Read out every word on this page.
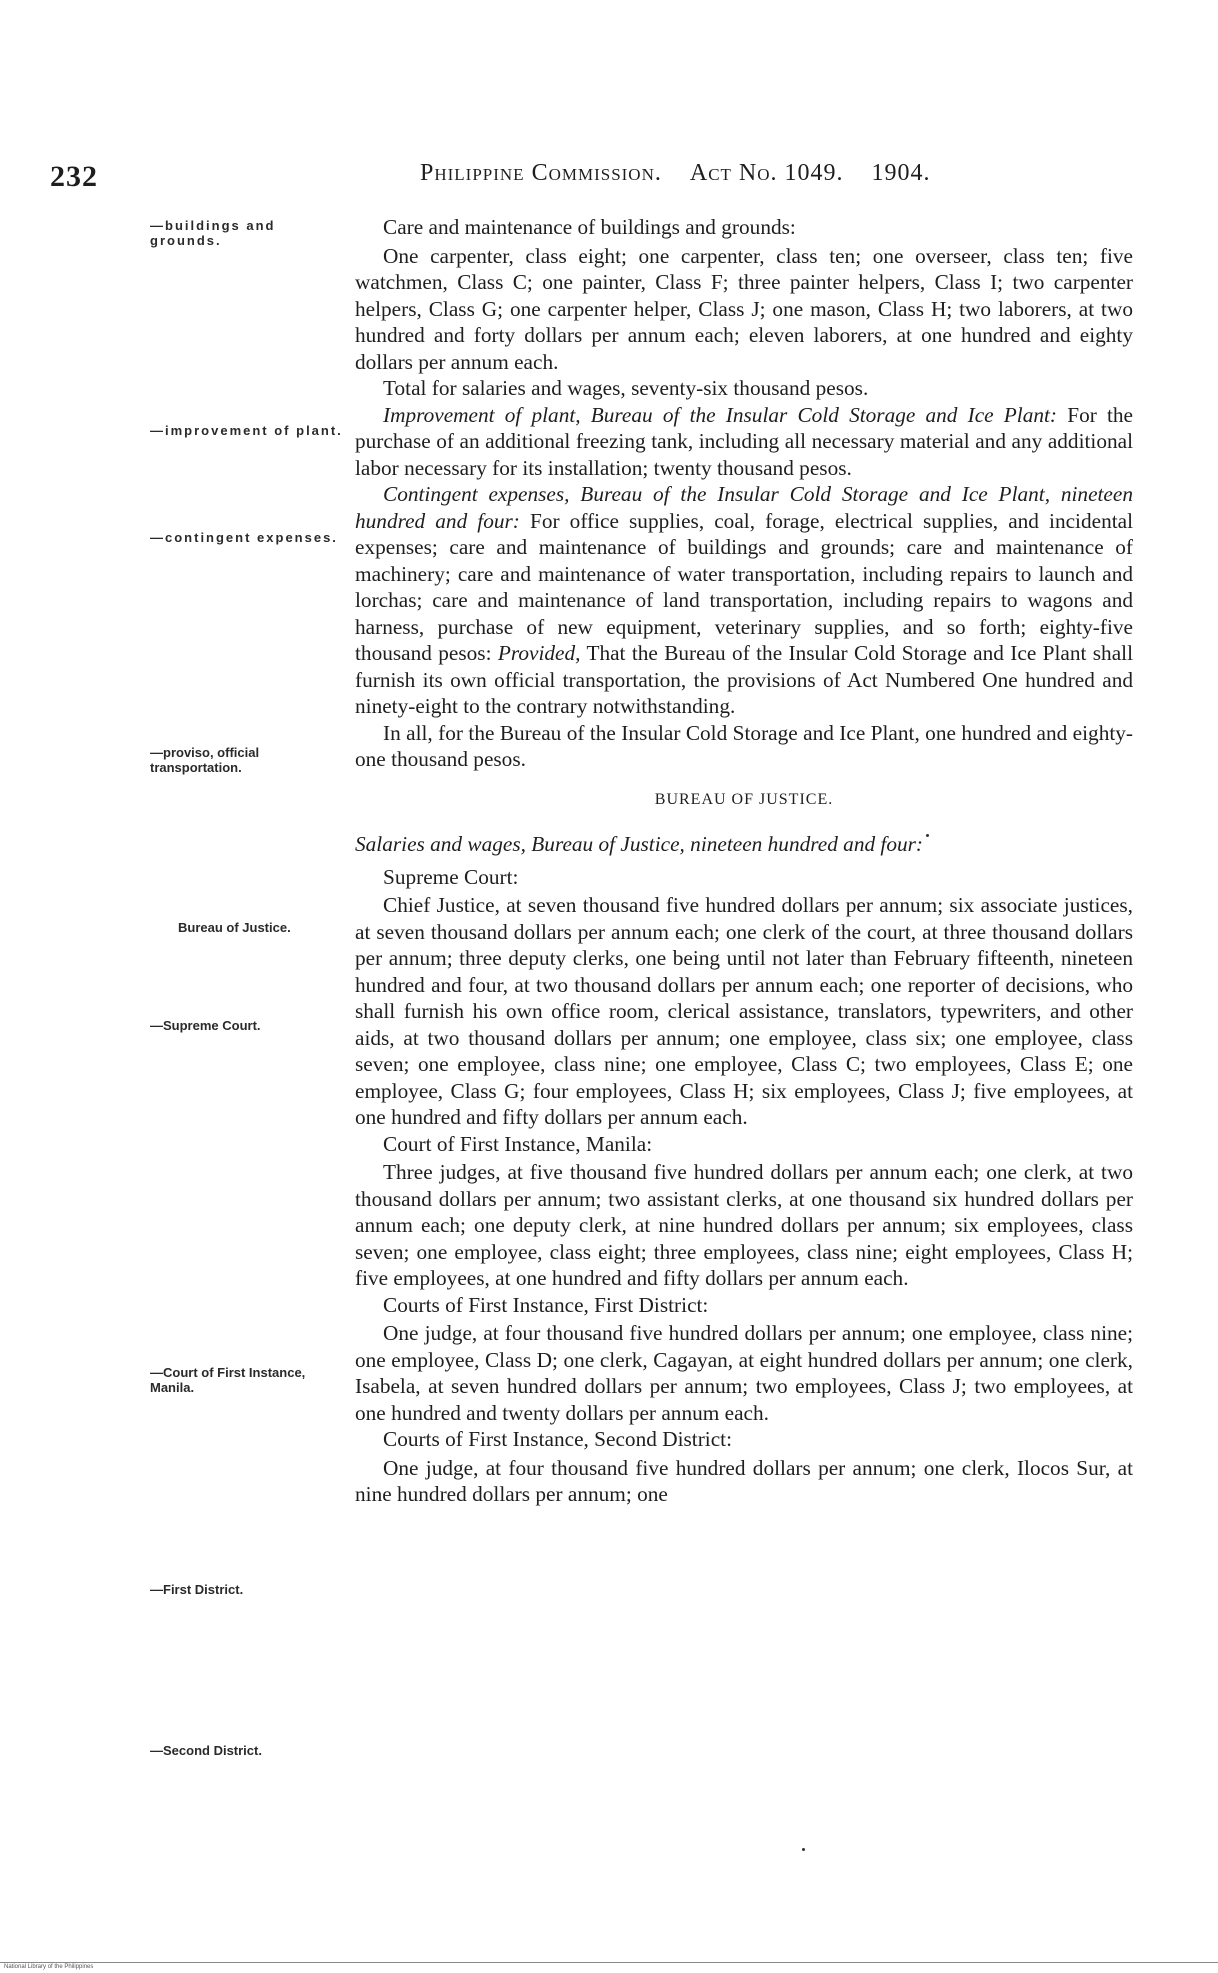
232	Philippine Commission. Act No. 1049. 1904.
—buildings and grounds.
—improvement of plant.
—contingent expenses.
—proviso, official transportation.
Bureau of Justice.
—Supreme Court.
—Court of First Instance, Manila.
—First District.
—Second District.

Care and maintenance of buildings and grounds:

One carpenter, class eight; one carpenter, class ten; one overseer, class ten; five watchmen, Class C; one painter, Class F; three painter helpers, Class I; two carpenter helpers, Class G; one carpenter helper, Class J; one mason, Class H; two laborers, at two hundred and forty dollars per annum each; eleven laborers, at one hundred and eighty dollars per annum each.

Total for salaries and wages, seventy-six thousand pesos.

Improvement of plant, Bureau of the Insular Cold Storage and Ice Plant: For the purchase of an additional freezing tank, including all necessary material and any additional labor necessary for its installation; twenty thousand pesos.

Contingent expenses, Bureau of the Insular Cold Storage and Ice Plant, nineteen hundred and four: For office supplies, coal, forage, electrical supplies, and incidental expenses; care and maintenance of buildings and grounds; care and maintenance of machinery; care and maintenance of water transportation, including repairs to launch and lorchas; care and maintenance of land transportation, including repairs to wagons and harness, purchase of new equipment, veterinary supplies, and so forth; eighty-five thousand pesos: Provided, That the Bureau of the Insular Cold Storage and Ice Plant shall furnish its own official transportation, the provisions of Act Numbered One hundred and ninety-eight to the contrary notwithstanding.

In all, for the Bureau of the Insular Cold Storage and Ice Plant, one hundred and eighty-one thousand pesos.

BUREAU OF JUSTICE.

Salaries and wages, Bureau of Justice, nineteen hundred and four:

Supreme Court:

Chief Justice, at seven thousand five hundred dollars per annum; six associate justices, at seven thousand dollars per annum each; one clerk of the court, at three thousand dollars per annum; three deputy clerks, one being until not later than February fifteenth, nineteen hundred and four, at two thousand dollars per annum each; one reporter of decisions, who shall furnish his own office room, clerical assistance, translators, typewriters, and other aids, at two thousand dollars per annum; one employee, class six; one employee, class seven; one employee, class nine; one employee, Class C; two employees, Class E; one employee, Class G; four employees, Class H; six employees, Class J; five employees, at one hundred and fifty dollars per annum each.

Court of First Instance, Manila:

Three judges, at five thousand five hundred dollars per annum each; one clerk, at two thousand dollars per annum; two assistant clerks, at one thousand six hundred dollars per annum each; one deputy clerk, at nine hundred dollars per annum; six employees, class seven; one employee, class eight; three employees, class nine; eight employees, Class H; five employees, at one hundred and fifty dollars per annum each.

Courts of First Instance, First District:

One judge, at four thousand five hundred dollars per annum; one employee, class nine; one employee, Class D; one clerk, Cagayan, at eight hundred dollars per annum; one clerk, Isabela, at seven hundred dollars per annum; two employees, Class J; two employees, at one hundred and twenty dollars per annum each.

Courts of First Instance, Second District:

One judge, at four thousand five hundred dollars per annum; one clerk, Ilocos Sur, at nine hundred dollars per annum; one

National Library of the Philippines
